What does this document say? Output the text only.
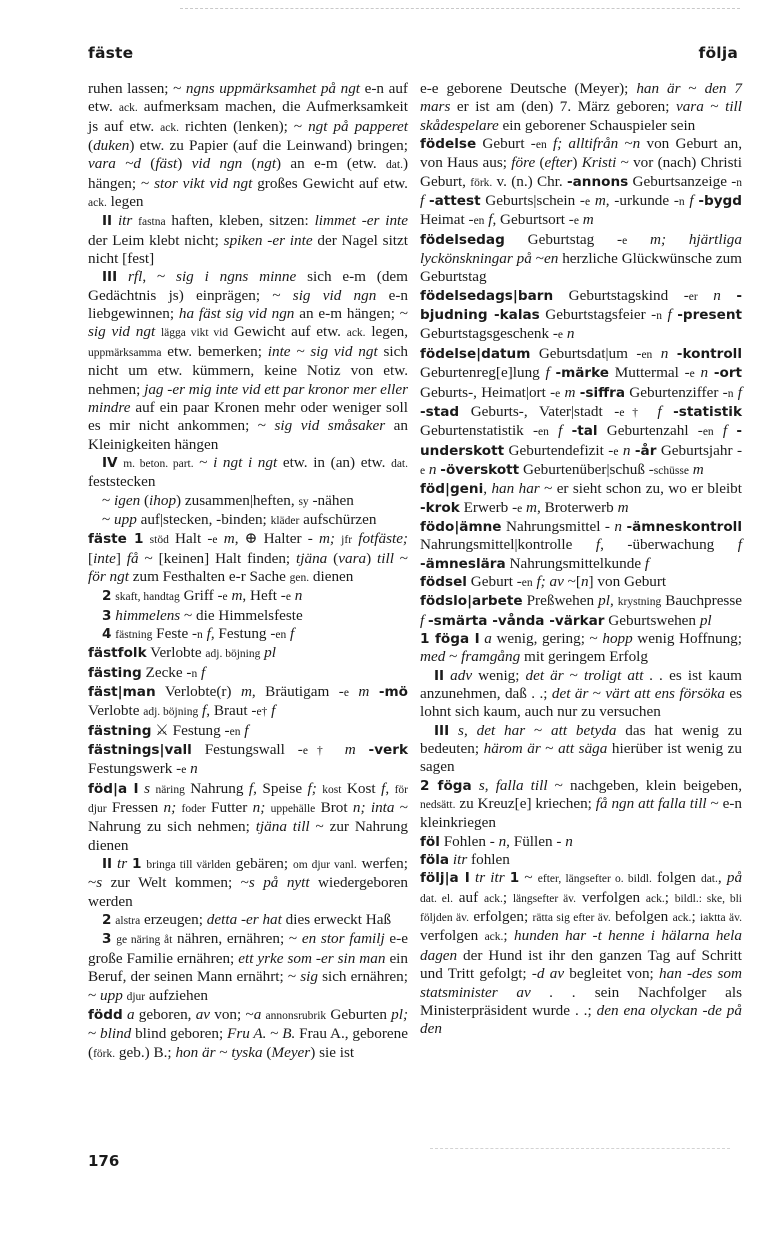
fäste	följa

ruhen lassen; ~ ngns uppmärksamhet på ngt e-n auf etw. ack. aufmerksam machen, die Aufmerksamkeit js auf etw. ack. richten (lenken); ~ ngt på papperet (duken) etw. zu Papier (auf die Leinwand) bringen; vara ~d (fäst) vid ngn (ngt) an e-m (etw. dat.) hängen; ~ stor vikt vid ngt großes Gewicht auf etw. ack. legen

II itr fastna haften, kleben, sitzen: limmet -er inte der Leim klebt nicht; spiken -er inte der Nagel sitzt nicht [fest]

III rfl, ~ sig i ngns minne sich e-m (dem Gedächtnis js) einprägen; ~ sig vid ngn e-n liebgewinnen; ha fäst sig vid ngn an e-m hängen; ~ sig vid ngt lägga vikt vid Gewicht auf etw. ack. legen, uppmärksamma etw. bemerken; inte ~ sig vid ngt sich nicht um etw. kümmern, keine Notiz von etw. nehmen; jag -er mig inte vid ett par kronor mer eller mindre auf ein paar Kronen mehr oder weniger soll es mir nicht ankommen; ~ sig vid småsaker an Kleinigkeiten hängen

IV m. beton. part. ~ i ngt i ngt etw. in (an) etw. dat. feststecken

~ igen (ihop) zusammen|heften, sy -nähen

~ upp auf|stecken, -binden; kläder aufschürzen

fäste 1 stöd Halt -e m, ⊕ Halter - m; jfr fotfäste; [inte] få ~ [keinen] Halt finden; tjäna (vara) till ~ för ngt zum Festhalten e-r Sache gen. dienen

2 skaft, handtag Griff -e m, Heft -e n

3 himmelens ~ die Himmelsfeste

4 fästning Feste -n f, Festung -en f

fästfolk Verlobte adj. böjning pl

fästing Zecke -n f

fäst|man Verlobte(r) m, Bräutigam -e m -mö Verlobte adj. böjning f, Braut -e† f

fästning ⚔ Festung -en f

fästnings|vall Festungswall -e† m -verk Festungswerk -e n

föd|a I s näring Nahrung f, Speise f; kost Kost f, för djur Fressen n; foder Futter n; uppehälle Brot n; inta ~ Nahrung zu sich nehmen; tjäna till ~ zur Nahrung dienen

II tr 1 bringa till världen gebären; om djur vanl. werfen; ~s zur Welt kommen; ~s på nytt wiedergeboren werden

2 alstra erzeugen; detta -er hat dies erweckt Haß

3 ge näring åt nähren, ernähren; ~ en stor familj e-e große Familie ernähren; ett yrke som -er sin man ein Beruf, der seinen Mann ernährt; ~ sig sich ernähren; ~ upp djur aufziehen

född a geboren, av von; ~a annonsrubrik Geburten pl; ~ blind blind geboren; Fru A. ~ B. Frau A., geborene (förk. geb.) B.; hon är ~ tyska (Meyer) sie ist

e-e geborene Deutsche (Meyer); han är ~ den 7 mars er ist am (den) 7. März geboren; vara ~ till skådespelare ein geborener Schauspieler sein

födelse Geburt -en f; alltifrån ~n von Geburt an, von Haus aus; före (efter) Kristi ~ vor (nach) Christi Geburt, förk. v. (n.) Chr. -annons Geburtsanzeige -n f -attest Geburts|schein -e m, -urkunde -n f -bygd Heimat -en f, Geburtsort -e m

födelsedag Geburtstag -e m; hjärtliga lyckönskningar på ~en herzliche Glückwünsche zum Geburtstag

födelsedags|barn Geburtstagskind -er n -bjudning -kalas Geburtstagsfeier -n f -present Geburtstagsgeschenk -e n

födelse|datum Geburtsdat|um -en n -kontroll Geburtenreg[e]lung f -märke Muttermal -e n -ort Geburts-, Heimat|ort -e m -siffra Geburtenziffer -n f -stad Geburts-, Vater|stadt -e† f -statistik Geburtenstatistik -en f -tal Geburtenzahl -en f -underskott Geburtendefizit -e n -år Geburtsjahr -e n -överskott Geburtenüber|schuß -schüsse m

föd|geni, han har ~ er sieht schon zu, wo er bleibt -krok Erwerb -e m, Broterwerb m

födo|ämne Nahrungsmittel - n -ämneskontroll Nahrungsmittel|kontrolle f, -überwachung f -ämneslära Nahrungsmittelkunde f

födsel Geburt -en f; av ~[n] von Geburt

födslo|arbete Preßwehen pl, krystning Bauchpresse f -smärta -vånda -värkar Geburtswehen pl

1 föga I a wenig, gering; ~ hopp wenig Hoffnung; med ~ framgång mit geringem Erfolg

II adv wenig; det är ~ troligt att . . es ist kaum anzunehmen, daß . .; det är ~ värt att ens försöka es lohnt sich kaum, auch nur zu versuchen

III s, det har ~ att betyda das hat wenig zu bedeuten; härom är ~ att säga hierüber ist wenig zu sagen

2 föga s, falla till ~ nachgeben, klein beigeben, nedsätt. zu Kreuz[e] kriechen; få ngn att falla till ~ e-n kleinkriegen

föl Fohlen - n, Füllen - n

föla itr fohlen

följ|a I tr itr 1 ~ efter, längsefter o. bildl. folgen dat., på dat. el. auf ack.; längsefter äv. verfolgen ack.; bildl.: ske, bli följden äv. erfolgen; rätta sig efter äv. befolgen ack.; iaktta äv. verfolgen ack.; hunden har -t henne i hälarna hela dagen der Hund ist ihr den ganzen Tag auf Schritt und Tritt gefolgt; -d av begleitet von; han -des som statsminister av . . sein Nachfolger als Ministerpräsident wurde . .; den ena olyckan -de på den

176
